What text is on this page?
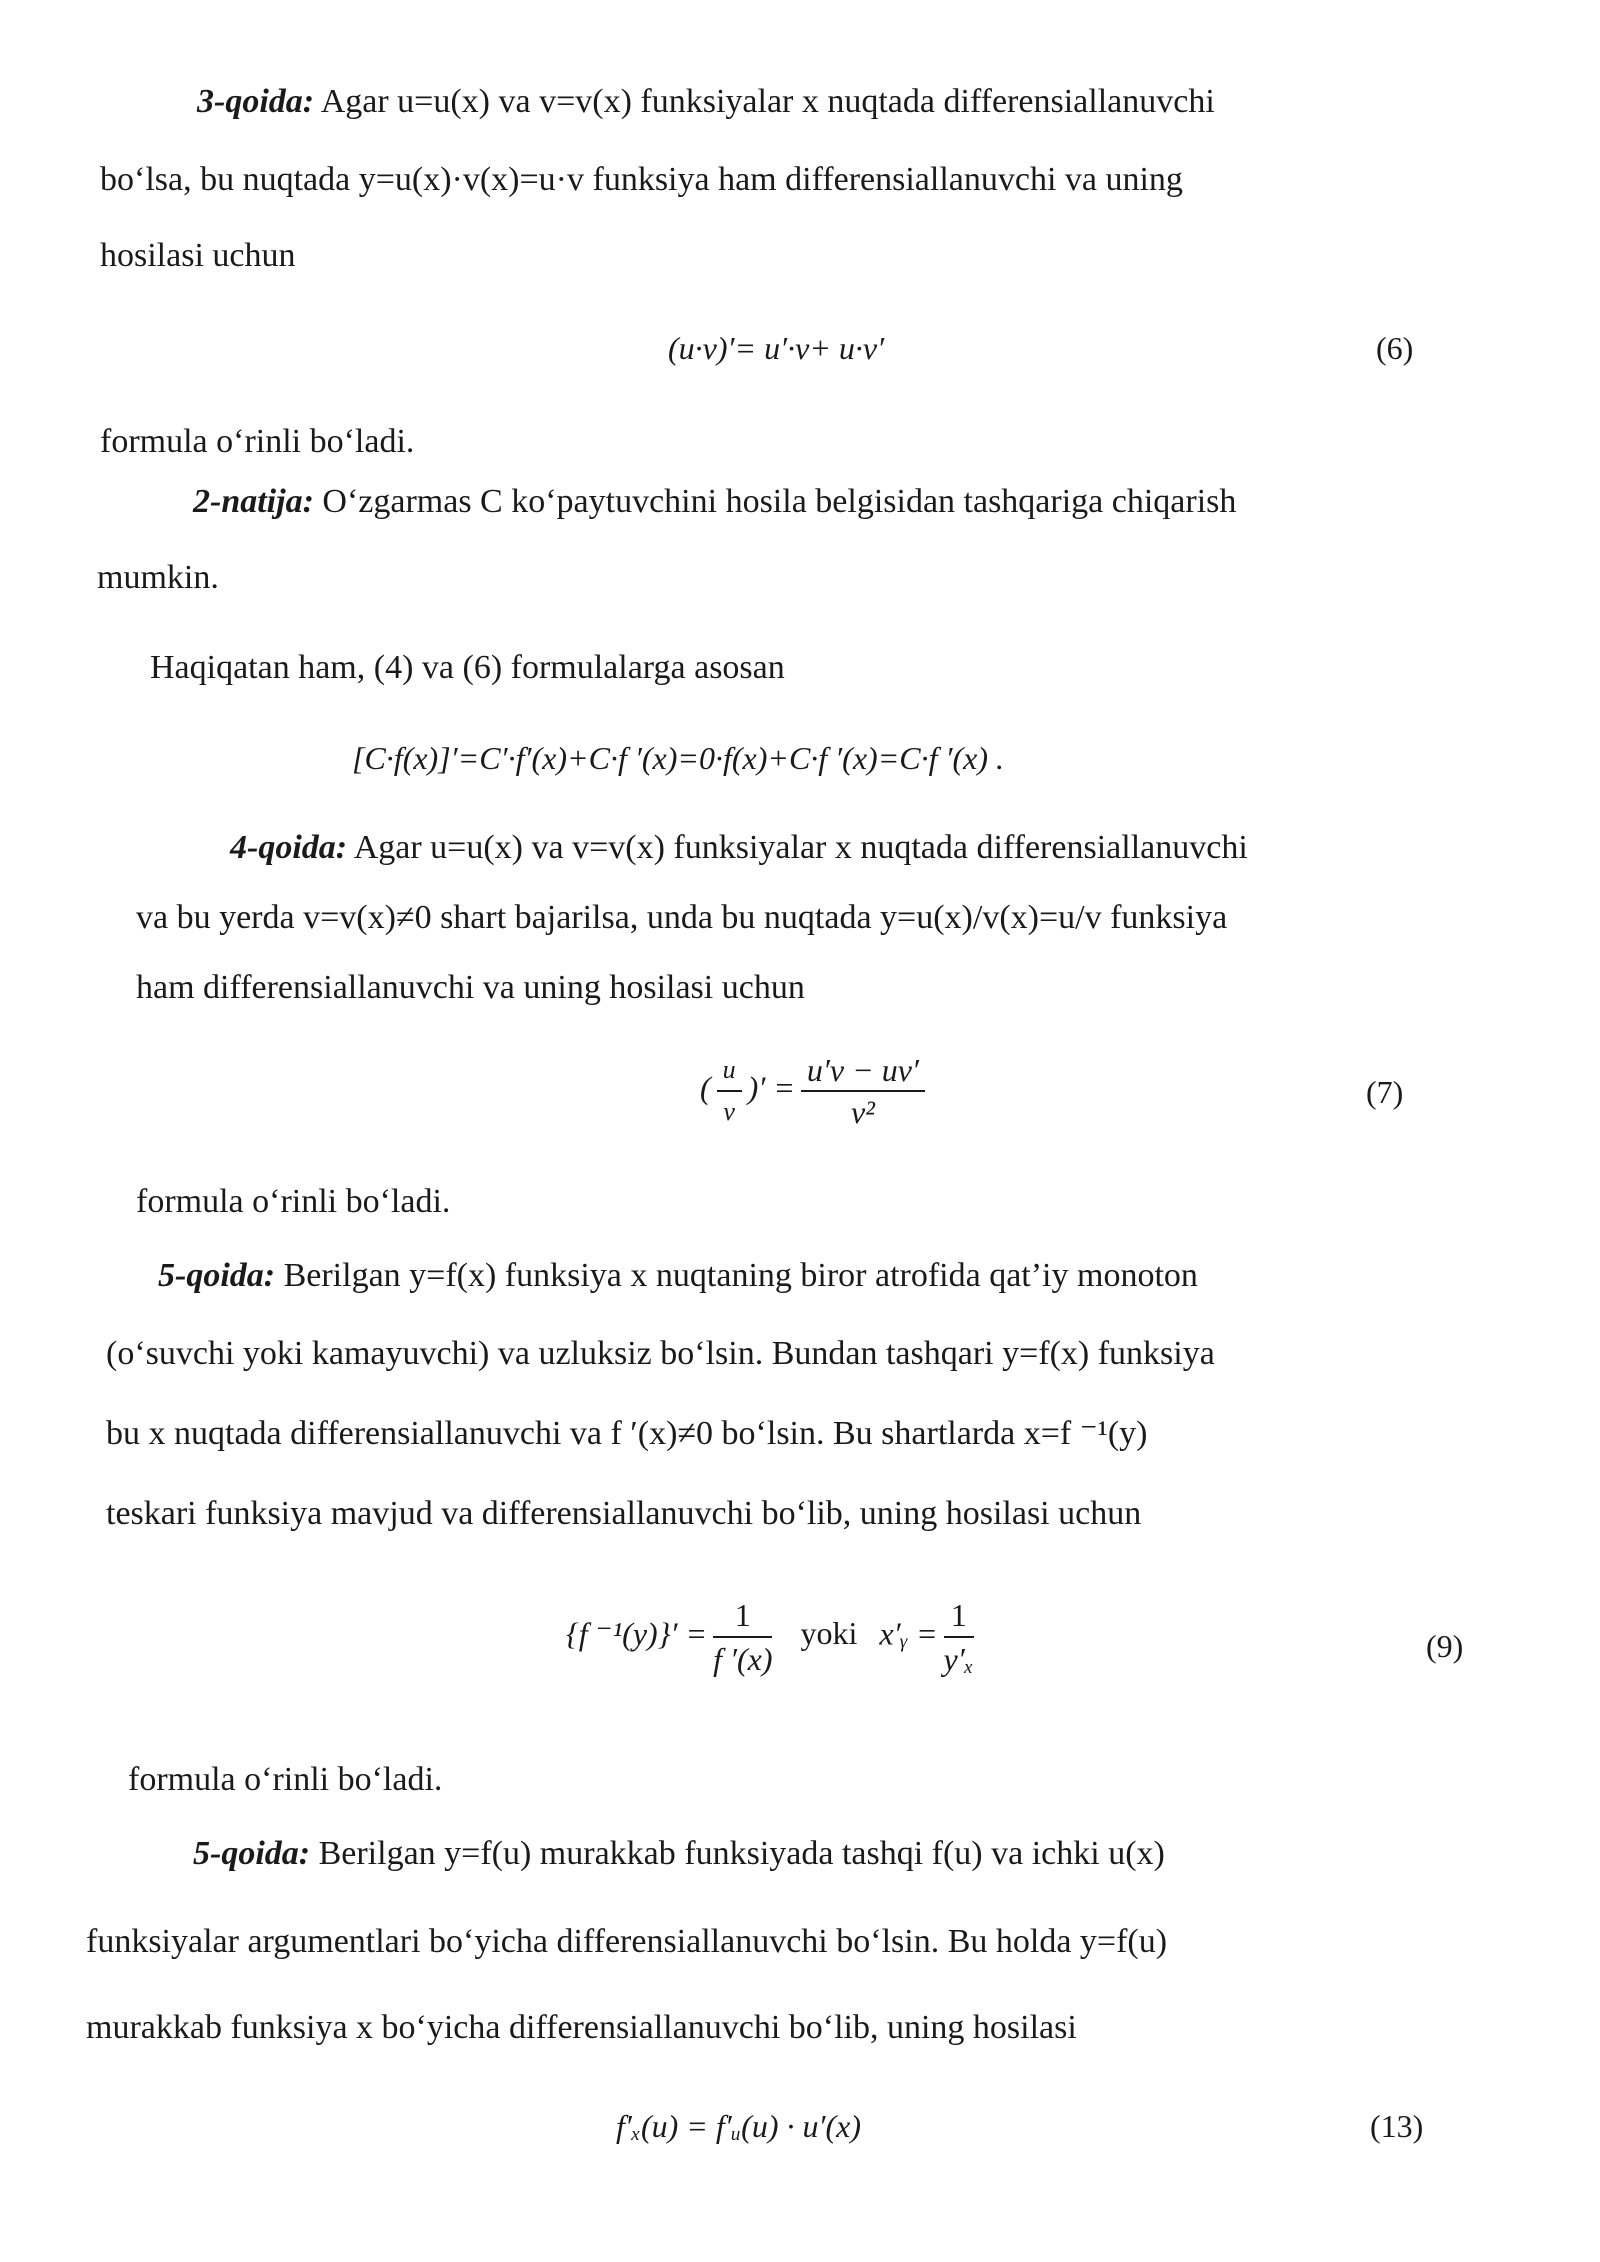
3-qoida: Agar u=u(x) va v=v(x) funksiyalar x nuqtada differensiallanuvchi
bo‘lsa, bu nuqtada y=u(x)·v(x)=u·v funksiya ham differensiallanuvchi va uning
hosilasi uchun
(u·v)′= u′·v+ u·v′	(6)
formula o‘rinli bo‘ladi.
2-natija: O‘zgarmas C ko‘paytuvchini hosila belgisidan tashqariga chiqarish
mumkin.
Haqiqatan ham, (4) va (6) formulalarga asosan
[C·f(x)]′=C′·f′(x)+C·f ′(x)=0·f(x)+C·f ′(x)=C·f ′(x) .
4-qoida: Agar u=u(x) va v=v(x) funksiyalar x nuqtada differensiallanuvchi
va bu yerda v=v(x)≠0 shart bajarilsa, unda bu nuqtada y=u(x)/v(x)=u/v funksiya
ham differensiallanuvchi va uning hosilasi uchun
( $\frac{u}{v}$ )′ = $\frac{u'v - uv'}{\text{v²}}$	(7)
formula o‘rinli bo‘ladi.
5-qoida: Berilgan y=f(x) funksiya x nuqtaning biror atrofida qat’iy monoton
(o‘suvchi yoki kamayuvchi) va uzluksiz bo‘lsin. Bundan tashqari y=f(x) funksiya
bu x nuqtada differensiallanuvchi va f ′(x)≠0 bo‘lsin. Bu shartlarda x=f ⁻¹(y)
teskari funksiya mavjud va differensiallanuvchi bo‘lib, uning hosilasi uchun
{f $^{-1}(y)\}' = \frac{1}{f '(x)}$ yoki x′ᵧ = $\frac{1}{\text{y′ₓ}}$	(9)
formula o‘rinli bo‘ladi.
5-qoida: Berilgan y=f(u) murakkab funksiyada tashqi f(u) va ichki u(x)
funksiyalar argumentlari bo‘yicha differensiallanuvchi bo‘lsin. Bu holda y=f(u)
murakkab funksiya x bo‘yicha differensiallanuvchi bo‘lib, uning hosilasi
f′ₓ(u) = f′ᵤ(u) · u′(x)	(13)
